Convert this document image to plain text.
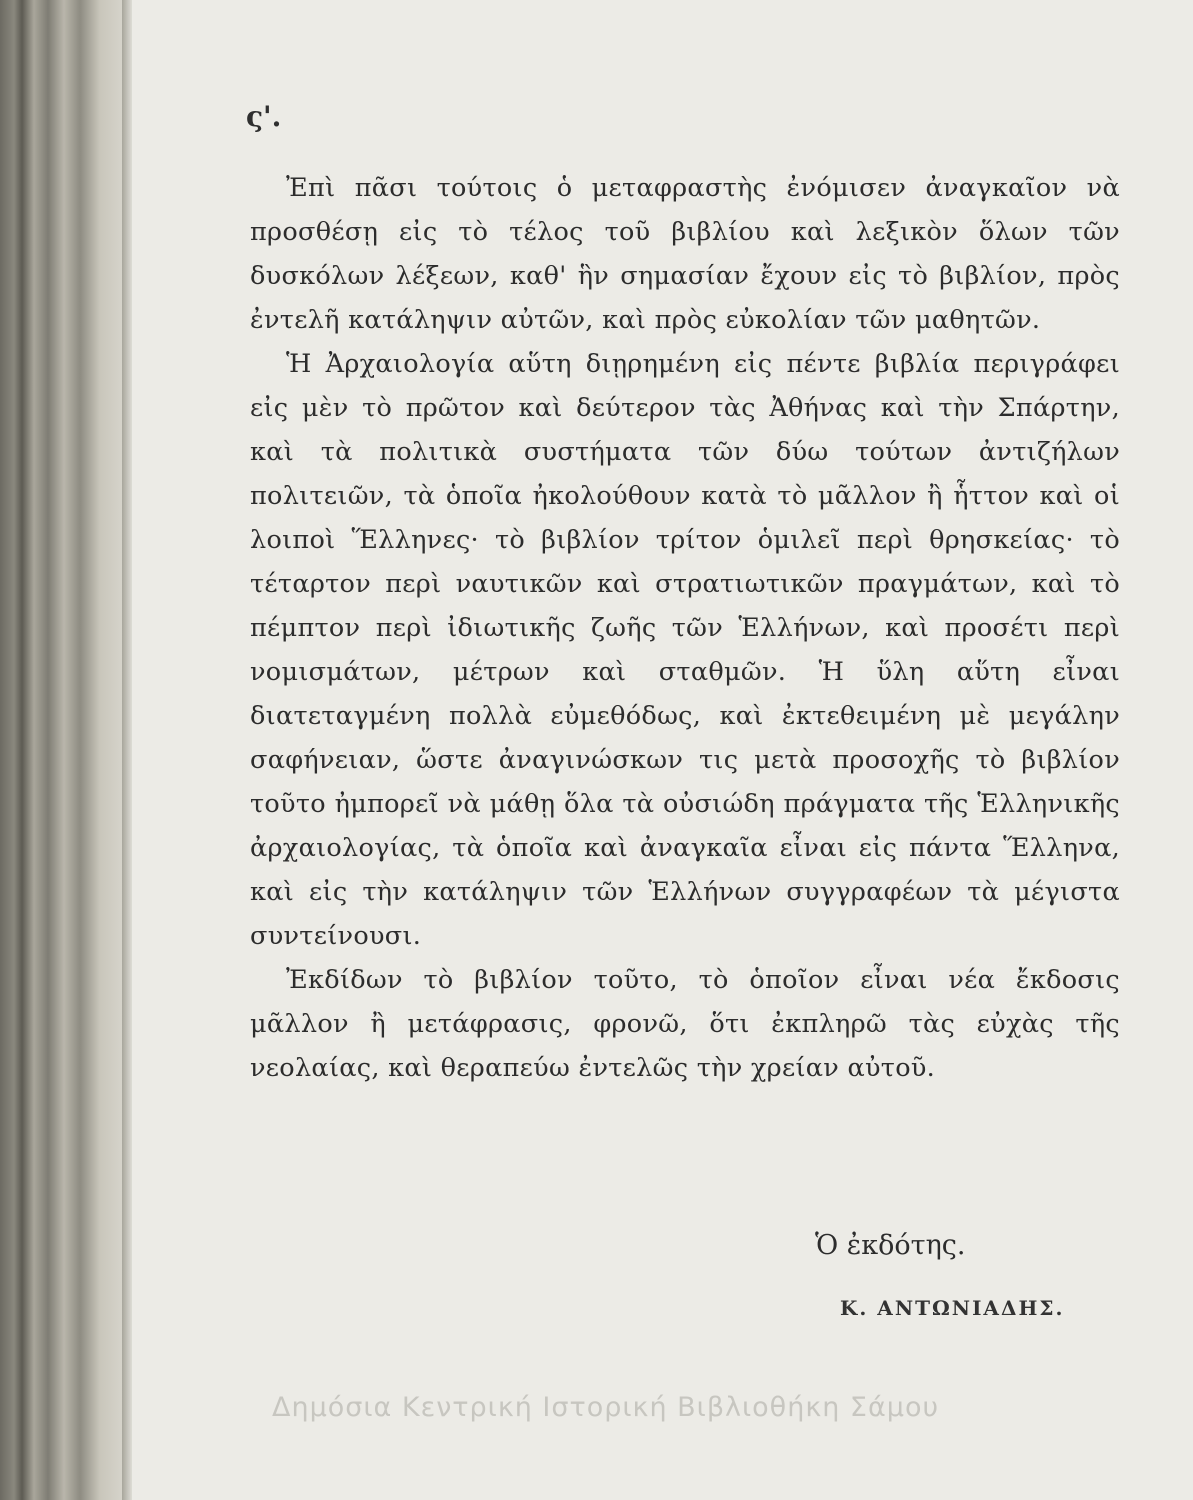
ς'.

Ἐπὶ πᾶσι τούτοις ὁ μεταφραστὴς ἐνόμισεν ἀναγκαῖον νὰ προσθέσῃ εἰς τὸ τέλος τοῦ βιβλίου καὶ λεξικὸν ὅλων τῶν δυσκόλων λέξεων, καθ' ἣν σημασίαν ἔχουν εἰς τὸ βιβλίον, πρὸς ἐντελῆ κατάληψιν αὐτῶν, καὶ πρὸς εὐκολίαν τῶν μαθητῶν.

Ἡ Ἀρχαιολογία αὕτη διῃρημένη εἰς πέντε βιβλία περιγράφει εἰς μὲν τὸ πρῶτον καὶ δεύτερον τὰς Ἀθήνας καὶ τὴν Σπάρτην, καὶ τὰ πολιτικὰ συστήματα τῶν δύω τούτων ἀντιζήλων πολιτειῶν, τὰ ὁποῖα ἠκολούθουν κατὰ τὸ μᾶλλον ἢ ἧττον καὶ οἱ λοιποὶ Ἕλληνες· τὸ βιβλίον τρίτον ὁμιλεῖ περὶ θρησκείας· τὸ τέταρτον περὶ ναυτικῶν καὶ στρατιωτικῶν πραγμάτων, καὶ τὸ πέμπτον περὶ ἰδιωτικῆς ζωῆς τῶν Ἑλλήνων, καὶ προσέτι περὶ νομισμάτων, μέτρων καὶ σταθμῶν. Ἡ ὕλη αὕτη εἶναι διατεταγμένη πολλὰ εὐμεθόδως, καὶ ἐκτεθειμένη μὲ μεγάλην σαφήνειαν, ὥστε ἀναγινώσκων τις μετὰ προσοχῆς τὸ βιβλίον τοῦτο ἠμπορεῖ νὰ μάθῃ ὅλα τὰ οὐσιώδη πράγματα τῆς Ἑλληνικῆς ἀρχαιολογίας, τὰ ὁποῖα καὶ ἀναγκαῖα εἶναι εἰς πάντα Ἕλληνα, καὶ εἰς τὴν κατάληψιν τῶν Ἑλλήνων συγγραφέων τὰ μέγιστα συντείνουσι.

Ἐκδίδων τὸ βιβλίον τοῦτο, τὸ ὁποῖον εἶναι νέα ἔκδοσις μᾶλλον ἢ μετάφρασις, φρονῶ, ὅτι ἐκπληρῶ τὰς εὐχὰς τῆς νεολαίας, καὶ θεραπεύω ἐντελῶς τὴν χρείαν αὐτοῦ.

Ὁ ἐκδότης.
Κ. ΑΝΤΩΝΙΑΔΗΣ.
Δημόσια Κεντρική Ιστορική Βιβλιοθήκη Σάμου
